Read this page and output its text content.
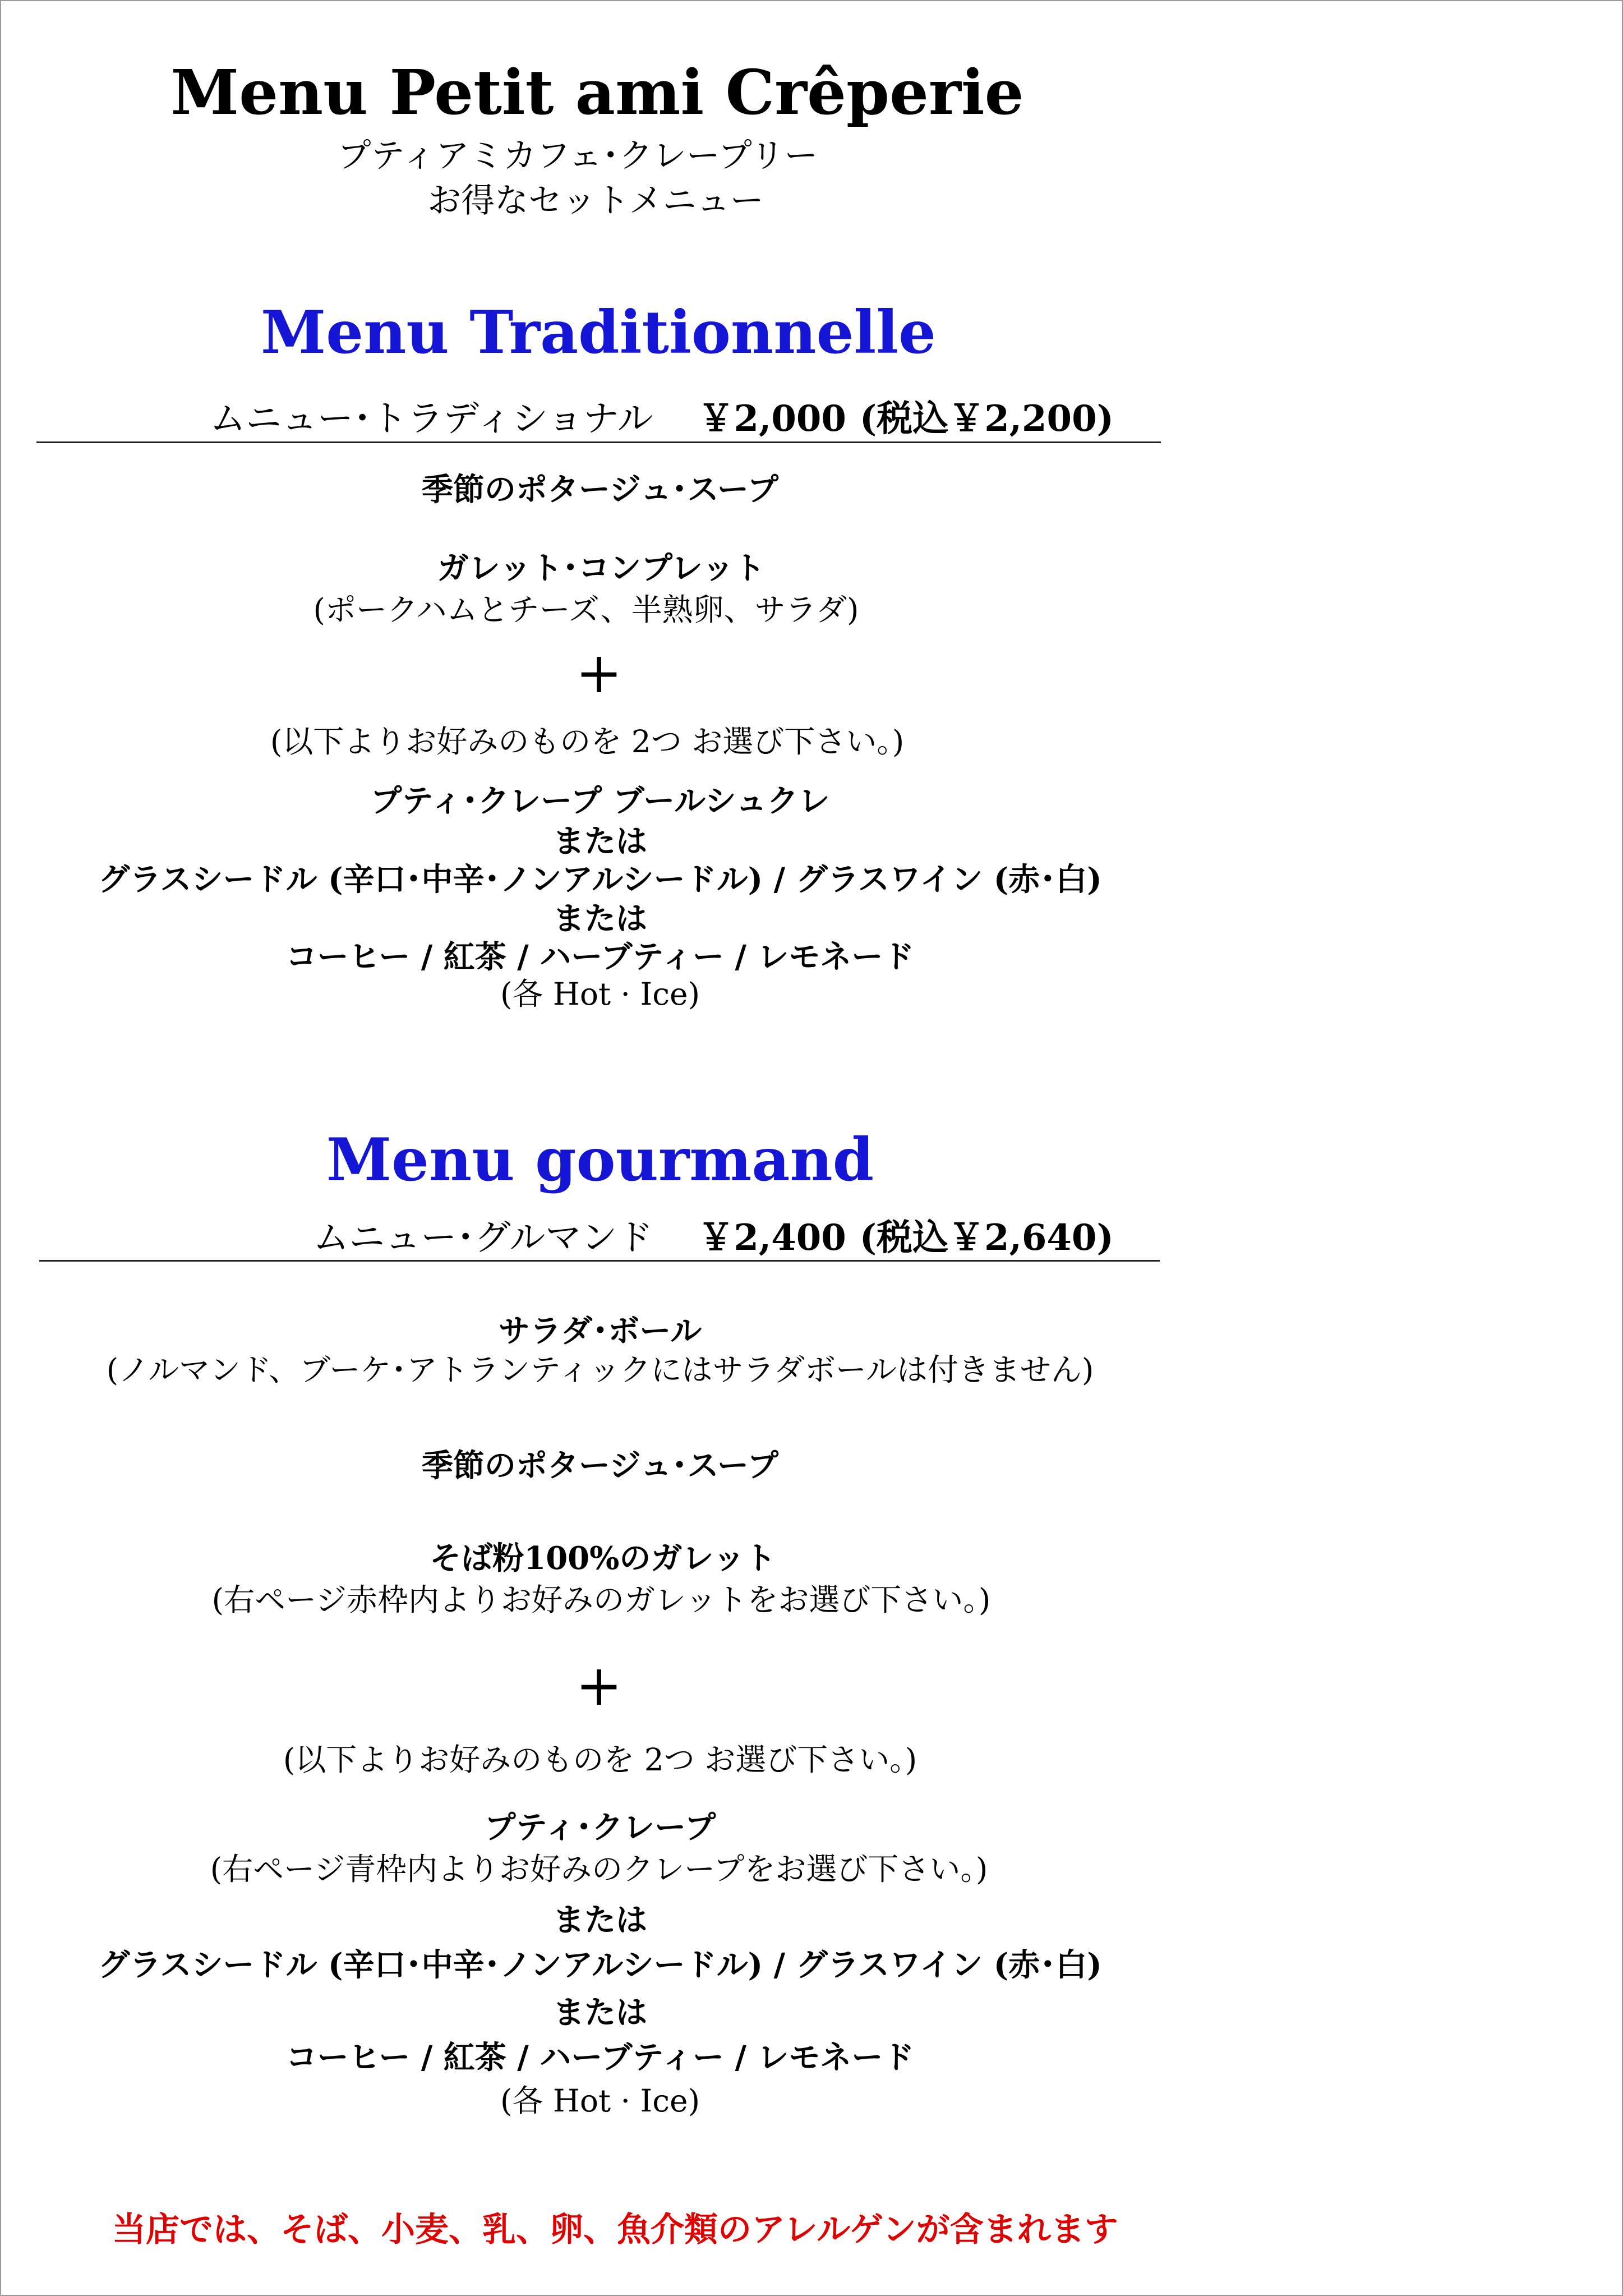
Menu Petit ami Crêperie
プティアミカフェ･クレープリー
お得なセットメニュー
Menu Traditionnelle
ムニュー･トラディショナル ￥2,000 (税込￥2,200)
季節のポタージュ･スープ
ガレット･コンプレット
(ポークハムとチーズ、半熟卵、サラダ)
+
(以下よりお好みのものを 2つ お選び下さい。)
プティ･クレープ ブールシュクレ
または
グラスシードル (辛口･中辛･ノンアルシードル) / グラスワイン (赤･白)
または
コーヒー / 紅茶 / ハーブティー / レモネード
(各 Hot · Ice)
Menu gourmand
ムニュー･グルマンド ￥2,400 (税込￥2,640)
サラダ･ボール
(ノルマンド、ブーケ･アトランティックにはサラダボールは付きません)
季節のポタージュ･スープ
そば粉100%のガレット
(右ページ赤枠内よりお好みのガレットをお選び下さい。)
+
(以下よりお好みのものを 2つ お選び下さい。)
プティ･クレープ
(右ページ青枠内よりお好みのクレープをお選び下さい。)
または
グラスシードル (辛口･中辛･ノンアルシードル) / グラスワイン (赤･白)
または
コーヒー / 紅茶 / ハーブティー / レモネード
(各 Hot · Ice)
当店では、そば、小麦、乳、卵、魚介類のアレルゲンが含まれます
